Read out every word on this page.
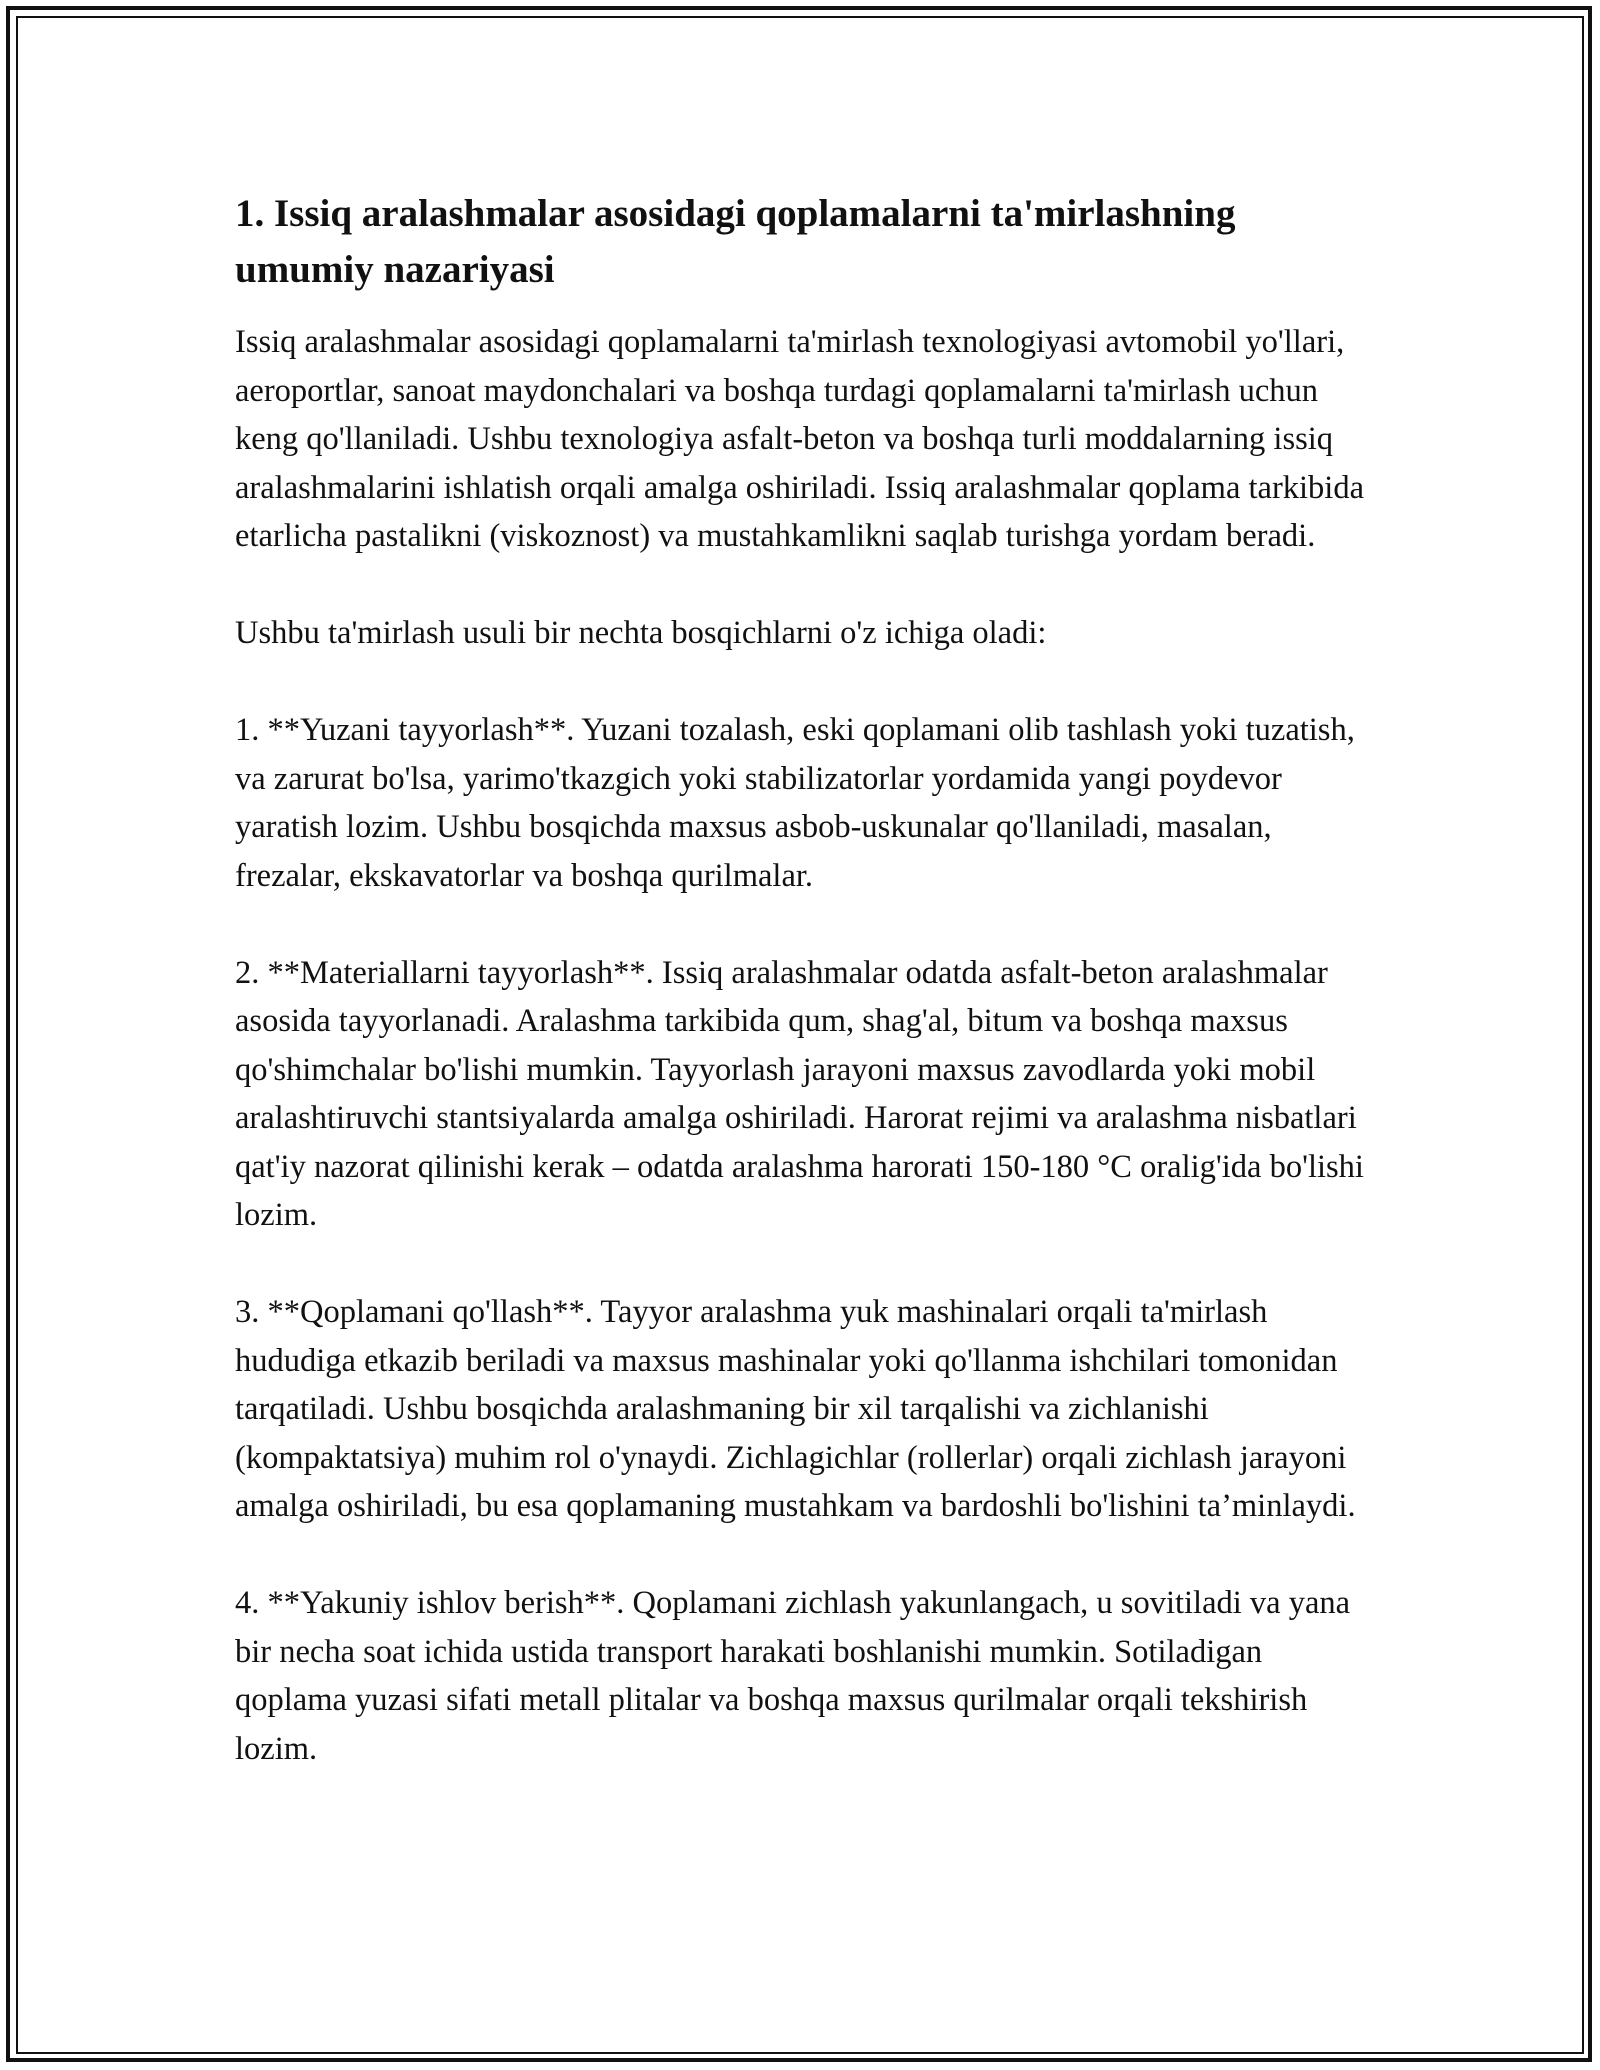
1. Issiq aralashmalar asosidagi qoplamalarni ta'mirlashning umumiy nazariyasi

Issiq aralashmalar asosidagi qoplamalarni ta'mirlash texnologiyasi avtomobil yo'llari, aeroportlar, sanoat maydonchalari va boshqa turdagi qoplamalarni ta'mirlash uchun keng qo'llaniladi. Ushbu texnologiya asfalt-beton va boshqa turli moddalarning issiq aralashmalarini ishlatish orqali amalga oshiriladi. Issiq aralashmalar qoplama tarkibida etarlicha pastalikni (viskoznost) va mustahkamlikni saqlab turishga yordam beradi.

Ushbu ta'mirlash usuli bir nechta bosqichlarni o'z ichiga oladi:

1. **Yuzani tayyorlash**. Yuzani tozalash, eski qoplamani olib tashlash yoki tuzatish, va zarurat bo'lsa, yarimo'tkazgich yoki stabilizatorlar yordamida yangi poydevor yaratish lozim. Ushbu bosqichda maxsus asbob-uskunalar qo'llaniladi, masalan, frezalar, ekskavatorlar va boshqa qurilmalar.

2. **Materiallarni tayyorlash**. Issiq aralashmalar odatda asfalt-beton aralashmalar asosida tayyorlanadi. Aralashma tarkibida qum, shag'al, bitum va boshqa maxsus qo'shimchalar bo'lishi mumkin. Tayyorlash jarayoni maxsus zavodlarda yoki mobil aralashtiruvchi stantsiyalarda amalga oshiriladi. Harorat rejimi va aralashma nisbatlari qat'iy nazorat qilinishi kerak – odatda aralashma harorati 150-180 °C oralig'ida bo'lishi lozim.

3. **Qoplamani qo'llash**. Tayyor aralashma yuk mashinalari orqali ta'mirlash hududiga etkazib beriladi va maxsus mashinalar yoki qo'llanma ishchilari tomonidan tarqatiladi. Ushbu bosqichda aralashmaning bir xil tarqalishi va zichlanishi (kompaktatsiya) muhim rol o'ynaydi. Zichlagichlar (rollerlar) orqali zichlash jarayoni amalga oshiriladi, bu esa qoplamaning mustahkam va bardoshli bo'lishini ta’minlaydi.

4. **Yakuniy ishlov berish**. Qoplamani zichlash yakunlangach, u sovitiladi va yana bir necha soat ichida ustida transport harakati boshlanishi mumkin. Sotiladigan qoplama yuzasi sifati metall plitalar va boshqa maxsus qurilmalar orqali tekshirish lozim.
